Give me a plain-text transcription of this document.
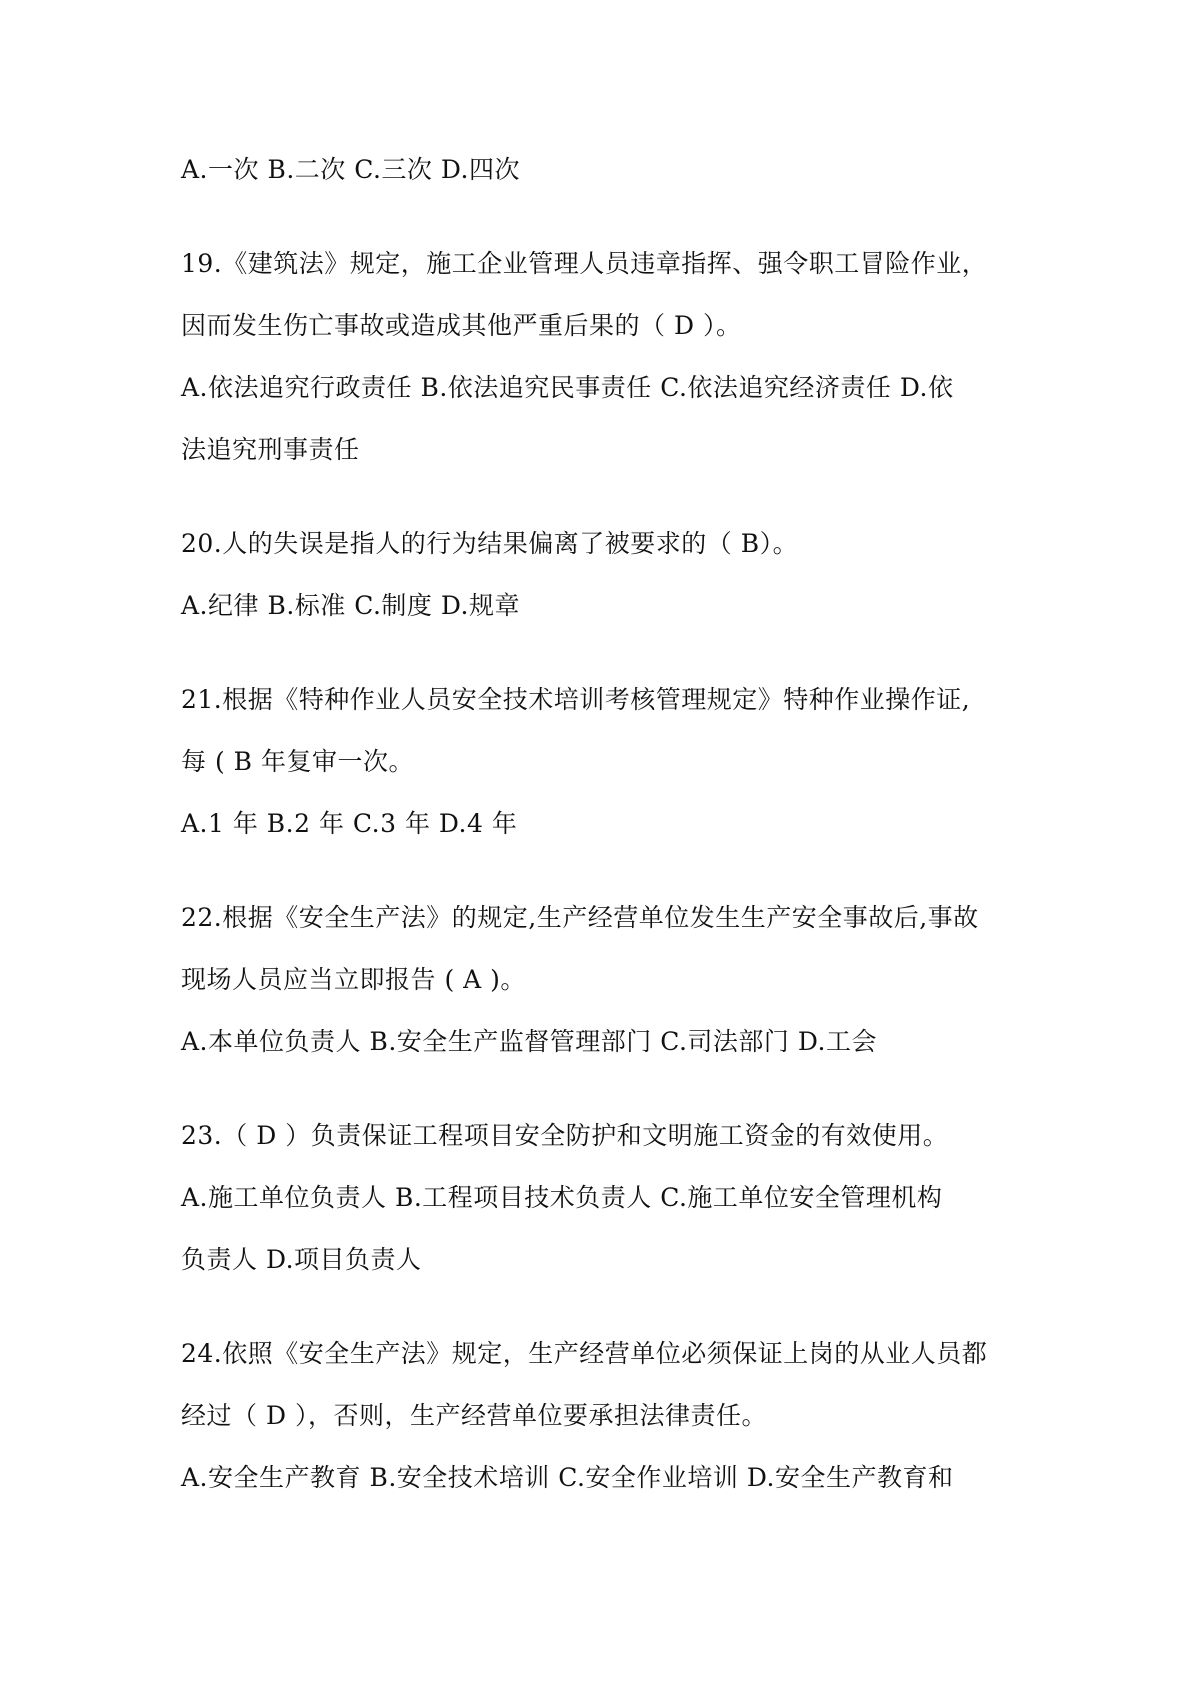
A.一次 B.二次 C.三次 D.四次
19.《建筑法》规定，施工企业管理人员违章指挥、强令职工冒险作业，
因而发生伤亡事故或造成其他严重后果的（ D ）。
A.依法追究行政责任 B.依法追究民事责任 C.依法追究经济责任 D.依
法追究刑事责任
20.人的失误是指人的行为结果偏离了被要求的（ B）。
A.纪律 B.标准 C.制度 D.规章
21.根据《特种作业人员安全技术培训考核管理规定》特种作业操作证,
每 ( B 年复审一次。
A.1 年 B.2 年 C.3 年 D.4 年
22.根据《安全生产法》的规定,生产经营单位发生生产安全事故后,事故
现场人员应当立即报告 ( A )。
A.本单位负责人 B.安全生产监督管理部门 C.司法部门 D.工会
23.（ D ）负责保证工程项目安全防护和文明施工资金的有效使用。
A.施工单位负责人 B.工程项目技术负责人 C.施工单位安全管理机构
负责人 D.项目负责人
24.依照《安全生产法》规定，生产经营单位必须保证上岗的从业人员都
经过（ D ），否则，生产经营单位要承担法律责任。
A.安全生产教育 B.安全技术培训 C.安全作业培训 D.安全生产教育和
